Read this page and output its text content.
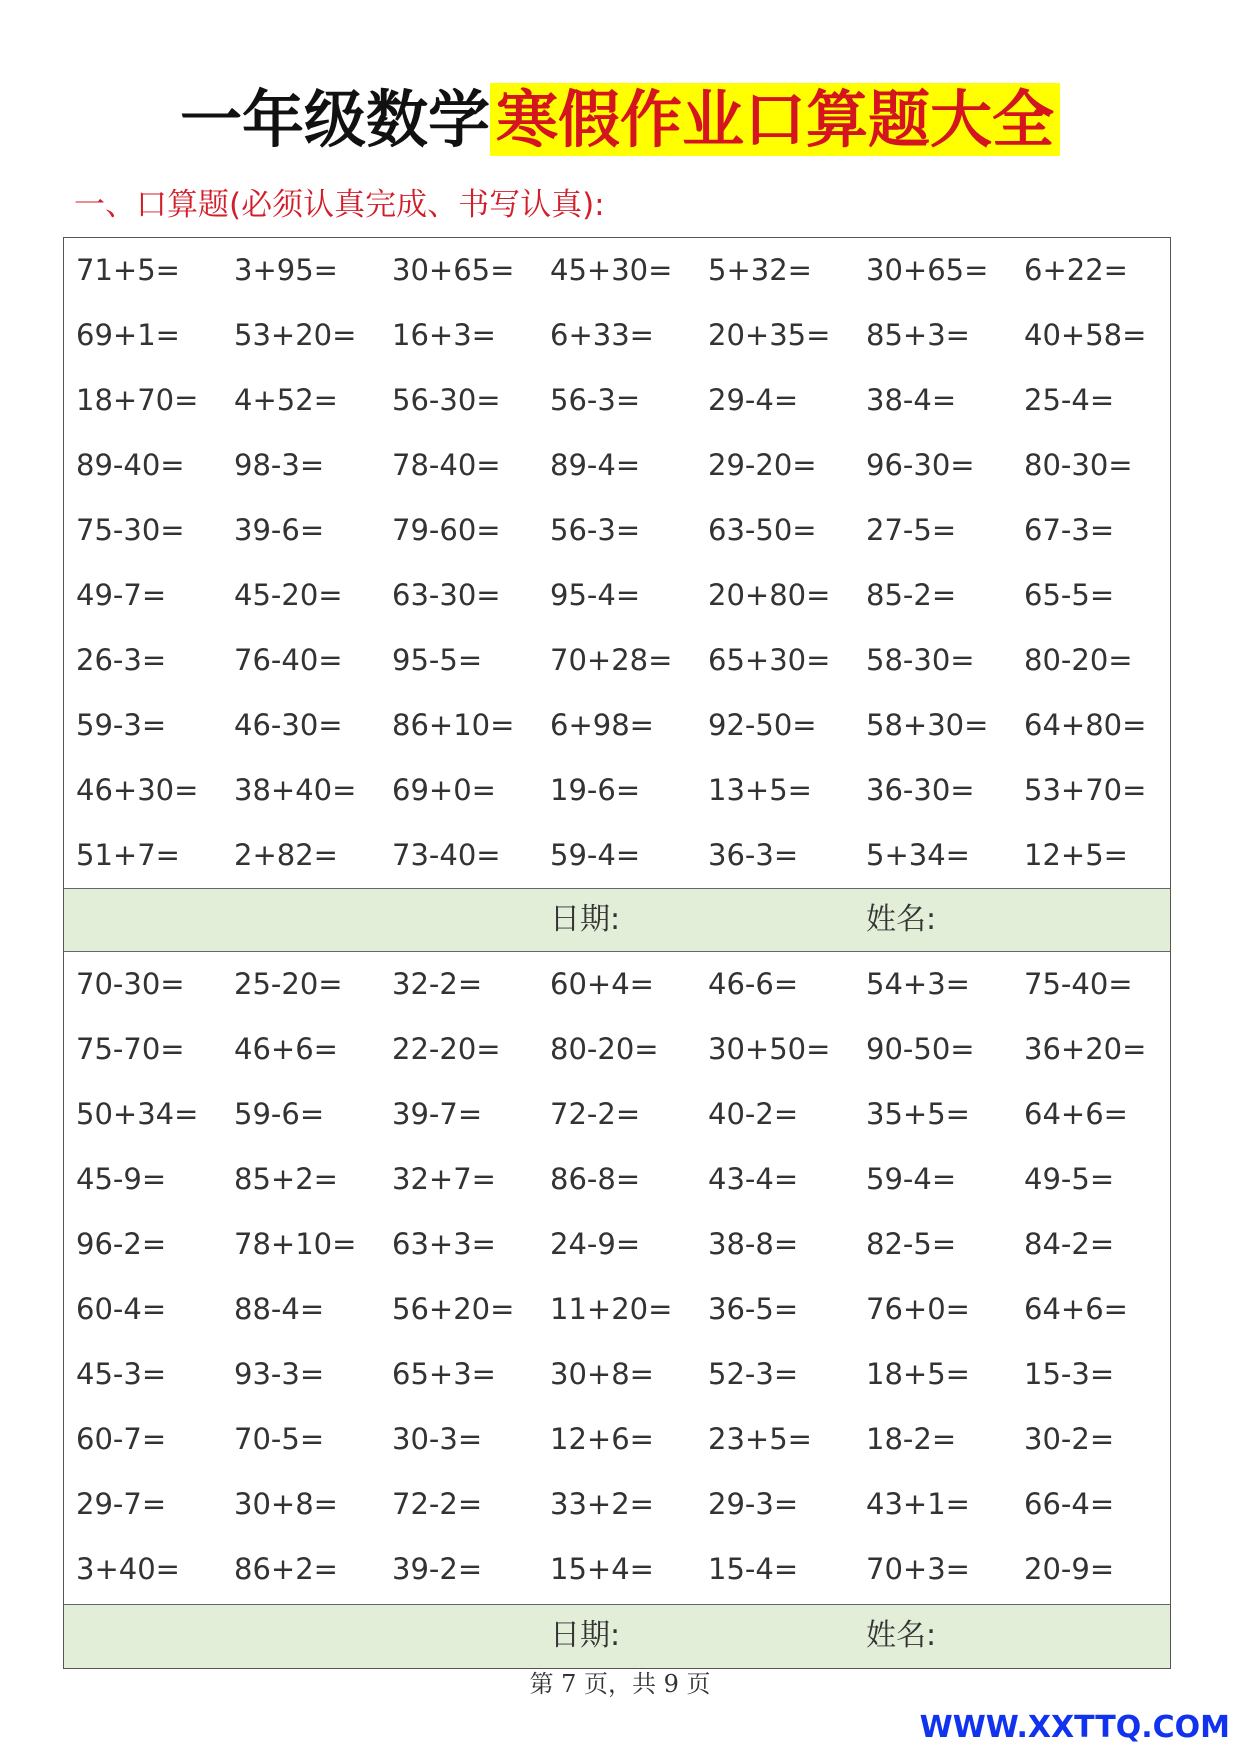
一年级数学寒假作业口算题大全
一、口算题(必须认真完成、书写认真):
71+5=	3+95=	30+65=	45+30=	5+32=	30+65=	6+22=
69+1=	53+20=	16+3=	6+33=	20+35=	85+3=	40+58=
18+70=	4+52=	56-30=	56-3=	29-4=	38-4=	25-4=
89-40=	98-3=	78-40=	89-4=	29-20=	96-30=	80-30=
75-30=	39-6=	79-60=	56-3=	63-50=	27-5=	67-3=
49-7=	45-20=	63-30=	95-4=	20+80=	85-2=	65-5=
26-3=	76-40=	95-5=	70+28=	65+30=	58-30=	80-20=
59-3=	46-30=	86+10=	6+98=	92-50=	58+30=	64+80=
46+30=	38+40=	69+0=	19-6=	13+5=	36-30=	53+70=
51+7=	2+82=	73-40=	59-4=	36-3=	5+34=	12+5=
日期:	姓名:
70-30=	25-20=	32-2=	60+4=	46-6=	54+3=	75-40=
75-70=	46+6=	22-20=	80-20=	30+50=	90-50=	36+20=
50+34=	59-6=	39-7=	72-2=	40-2=	35+5=	64+6=
45-9=	85+2=	32+7=	86-8=	43-4=	59-4=	49-5=
96-2=	78+10=	63+3=	24-9=	38-8=	82-5=	84-2=
60-4=	88-4=	56+20=	11+20=	36-5=	76+0=	64+6=
45-3=	93-3=	65+3=	30+8=	52-3=	18+5=	15-3=
60-7=	70-5=	30-3=	12+6=	23+5=	18-2=	30-2=
29-7=	30+8=	72-2=	33+2=	29-3=	43+1=	66-4=
3+40=	86+2=	39-2=	15+4=	15-4=	70+3=	20-9=
日期:	姓名:
第 7 页，共 9 页
WWW.XXTTQ.COM
